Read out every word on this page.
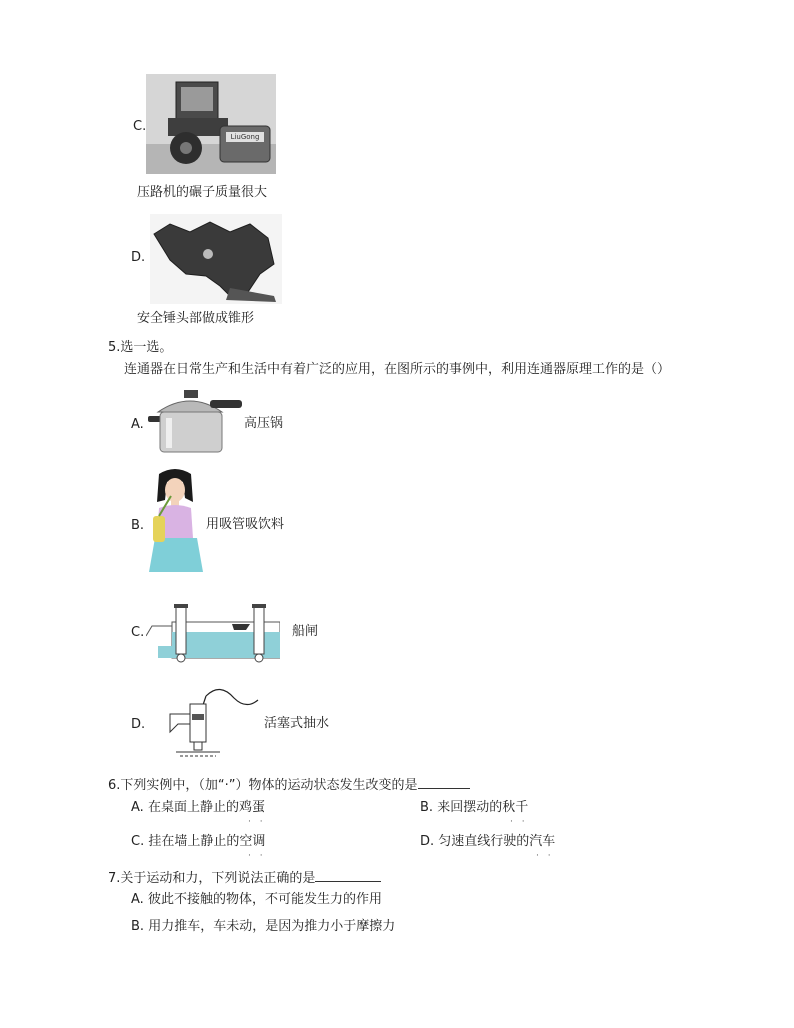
C.
LiuGong
压路机的碾子质量很大
D.
安全锤头部做成锥形
5.选一选。
连通器在日常生产和生活中有着广泛的应用，在图所示的事例中，利用连通器原理工作的是（）
A.	高压锅
B.	用吸管吸饮料
C.	船闸
D.	活塞式抽水
6.下列实例中，（加“·”）物体的运动状态发生改变的是
A. 在桌面上静止的鸡蛋
· ·
B. 来回摆动的秋千
· ·
C. 挂在墙上静止的空调
· ·
D. 匀速直线行驶的汽车
· ·
7.关于运动和力，下列说法正确的是
A. 彼此不接触的物体，不可能发生力的作用
B. 用力推车，车未动，是因为推力小于摩擦力
